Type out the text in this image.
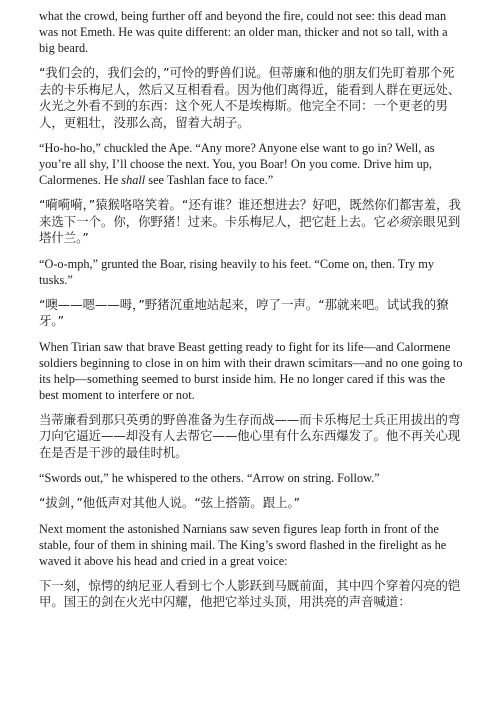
what the crowd, being further off and beyond the fire, could not see: this dead man was not Emeth. He was quite different: an older man, thicker and not so tall, with a big beard.

“我们会的，我们会的，”可怜的野兽们说。但蒂廉和他的朋友们先盯着那个死去的卡乐梅尼人，然后又互相看看。因为他们离得近，能看到人群在更远处、火光之外看不到的东西：这个死人不是埃梅斯。他完全不同：一个更老的男人，更粗壮，没那么高，留着大胡子。

“Ho-ho-ho,” chuckled the Ape. “Any more? Anyone else want to go in? Well, as you’re all shy, I’ll choose the next. You, you Boar! On you come. Drive him up, Calormenes. He shall see Tashlan face to face.”

“嗬嗬嗬，”猿猴咯咯笑着。“还有谁？谁还想进去？好吧，既然你们都害羞，我来选下一个。你，你野猪！过来。卡乐梅尼人，把它赶上去。它必须亲眼见到塔什兰。”

“O-o-mph,” grunted the Boar, rising heavily to his feet. “Come on, then. Try my tusks.”

“噢——嗯——呣，”野猪沉重地站起来，哼了一声。“那就来吧。试试我的獠牙。”

When Tirian saw that brave Beast getting ready to fight for its life—and Calormene soldiers beginning to close in on him with their drawn scimitars—and no one going to its help—something seemed to burst inside him. He no longer cared if this was the best moment to interfere or not.

当蒂廉看到那只英勇的野兽准备为生存而战——而卡乐梅尼士兵正用拔出的弯刀向它逼近——却没有人去帮它——他心里有什么东西爆发了。他不再关心现在是否是干涉的最佳时机。

“Swords out,” he whispered to the others. “Arrow on string. Follow.”

“拔剑，”他低声对其他人说。“弦上搭箭。跟上。”

Next moment the astonished Narnians saw seven figures leap forth in front of the stable, four of them in shining mail. The King’s sword flashed in the firelight as he waved it above his head and cried in a great voice:

下一刻，惊愕的纳尼亚人看到七个人影跃到马厩前面，其中四个穿着闪亮的铠甲。国王的剑在火光中闪耀，他把它举过头顶，用洪亮的声音喊道：
